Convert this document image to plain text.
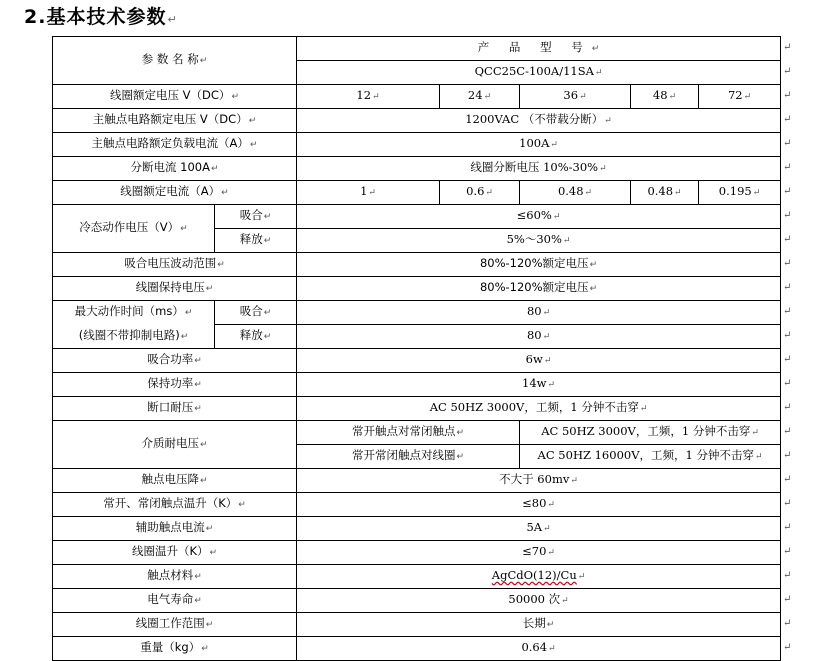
2.基本技术参数↵
参 数 名 称↵		产 品 型 号↵				
		QCC25C-100A/11SA↵				
线圈额定电压 V（DC）↵		12↵	24↵	36↵	48↵	72↵
主触点电路额定电压 V（DC）↵		1200VAC （不带载分断）↵				
主触点电路额定负载电流（A）↵		100A↵				
分断电流 100A↵		线圈分断电压 10%-30%↵				
线圈额定电流（A）↵		1↵	0.6↵	0.48↵	0.48↵	0.195↵
冷态动作电压（V）↵	吸合↵	≤60%↵				
	释放↵	5%～30%↵				
吸合电压波动范围↵		80%-120%额定电压↵				
线圈保持电压↵		80%-120%额定电压↵				
最大动作时间（ms）↵	吸合↵	80↵				
(线圈不带抑制电路)↵	释放↵	80↵				
吸合功率↵		6w↵				
保持功率↵		14w↵				
断口耐压↵		AC 50HZ 3000V，工频，1 分钟不击穿↵				
介质耐电压↵		常开触点对常闭触点↵		AC 50HZ 3000V，工频，1 分钟不击穿↵		
		常开常闭触点对线圈↵		AC 50HZ 16000V，工频，1 分钟不击穿↵		
触点电压降↵		不大于 60mv↵				
常开、常闭触点温升（K）↵		≤80↵				
辅助触点电流↵		5A↵				
线圈温升（K）↵		≤70↵				
触点材料↵		AgCdO(12)/Cu↵				
电气寿命↵		50000 次↵				
线圈工作范围↵		长期↵				
重量（kg）↵		0.64↵				
↵
↵
↵
↵
↵
↵
↵
↵
↵
↵
↵
↵
↵
↵
↵
↵
↵
↵
↵
↵
↵
↵
↵
↵
↵
↵
